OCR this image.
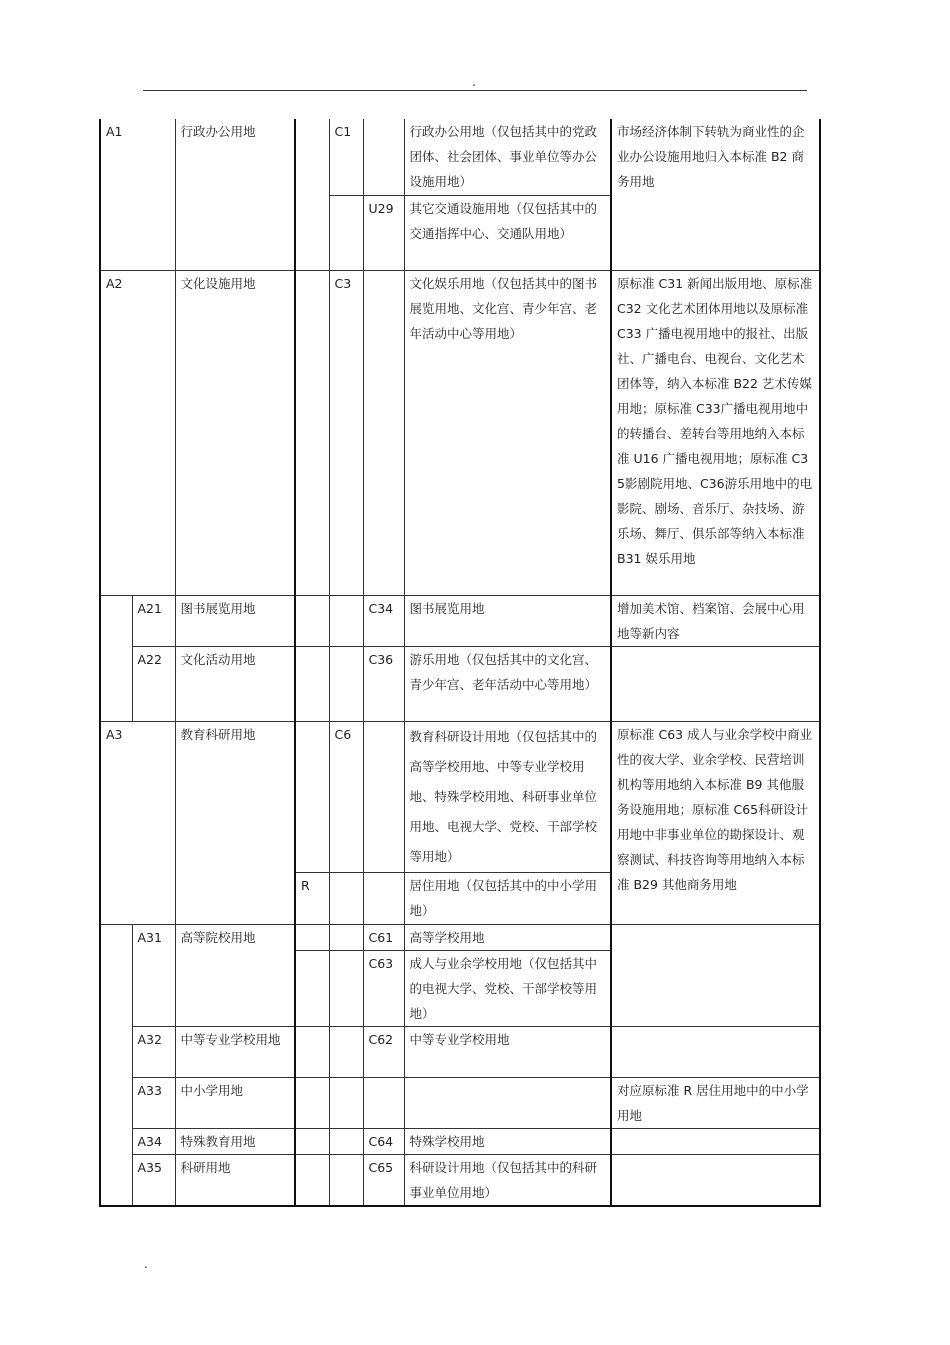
.
A1		行政办公用地		C1		行政办公用地（仅包括其中的党政团体、社会团体、事业单位等办公设施用地）	市场经济体制下转轨为商业性的企业办公设施用地归入本标准 B2 商务用地
					U29	其它交通设施用地（仅包括其中的交通指挥中心、交通队用地）	
A2		文化设施用地		C3		文化娱乐用地（仅包括其中的图书展览用地、文化宫、青少年宫、老年活动中心等用地）	原标准 C31 新闻出版用地、原标准 C32 文化艺术团体用地以及原标准 C33 广播电视用地中的报社、出版社、广播电台、电视台、文化艺术团体等，纳入本标准 B22 艺术传媒用地；原标准 C33广播电视用地中的转播台、差转台等用地纳入本标准 U16 广播电视用地；原标准 C35影剧院用地、C36游乐用地中的电影院、剧场、音乐厅、杂技场、游乐场、舞厅、俱乐部等纳入本标准 B31 娱乐用地
	A21	图书展览用地			C34	图书展览用地	增加美术馆、档案馆、会展中心用地等新内容
	A22	文化活动用地			C36	游乐用地（仅包括其中的文化宫、青少年宫、老年活动中心等用地）	
A3		教育科研用地		C6		教育科研设计用地（仅包括其中的高等学校用地、中等专业学校用地、特殊学校用地、科研事业单位用地、电视大学、党校、干部学校等用地）	原标准 C63 成人与业余学校中商业性的夜大学、业余学校、民营培训机构等用地纳入本标准 B9 其他服务设施用地；原标准 C65科研设计用地中非事业单位的勘探设计、观察测试、科技咨询等用地纳入本标准 B29 其他商务用地
			R			居住用地（仅包括其中的中小学用地）	
	A31	高等院校用地			C61	高等学校用地	
					C63	成人与业余学校用地（仅包括其中的电视大学、党校、干部学校等用地）	
	A32	中等专业学校用地			C62	中等专业学校用地	
	A33	中小学用地					对应原标准 R 居住用地中的中小学用地
	A34	特殊教育用地			C64	特殊学校用地	
	A35	科研用地			C65	科研设计用地（仅包括其中的科研事业单位用地）	
.
